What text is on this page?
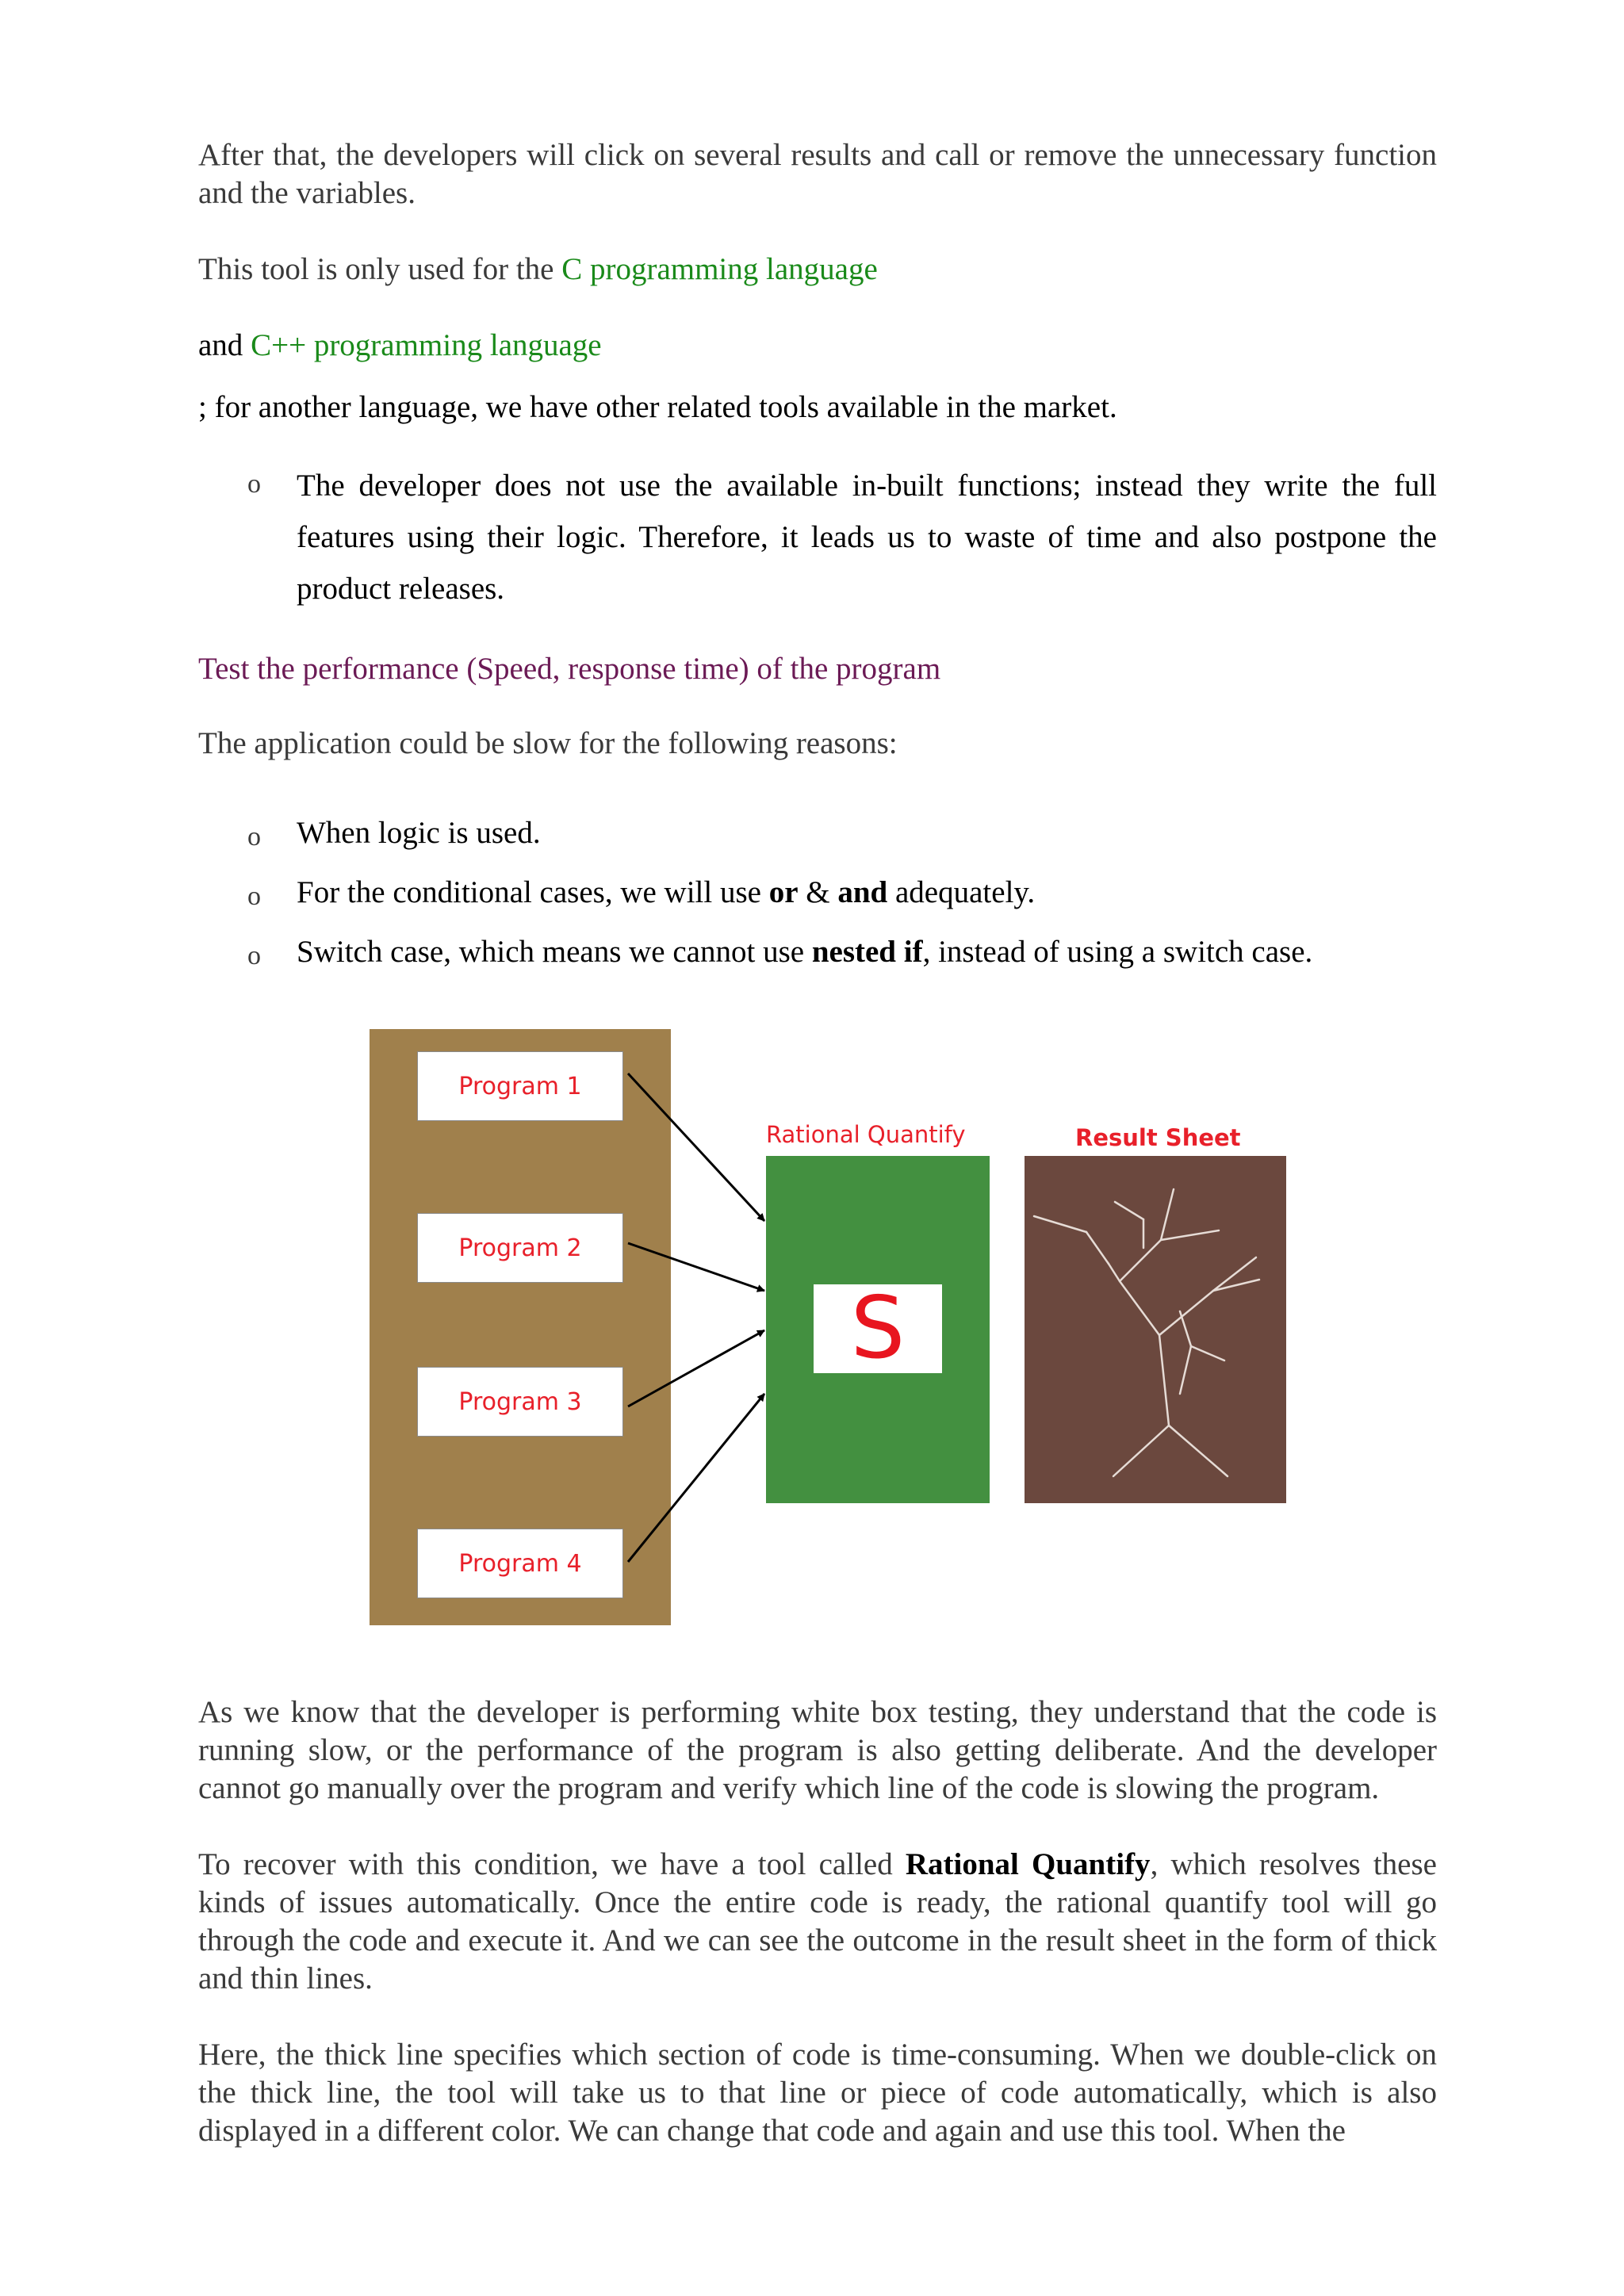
After that, the developers will click on several results and call or remove the unnecessary function and the variables.
This tool is only used for the C programming language
and C++ programming language
; for another language, we have other related tools available in the market.
o The developer does not use the available in-built functions; instead they write the full features using their logic. Therefore, it leads us to waste of time and also postpone the product releases.
Test the performance (Speed, response time) of the program
The application could be slow for the following reasons:
o When logic is used.
o For the conditional cases, we will use or & and adequately.
o Switch case, which means we cannot use nested if, instead of using a switch case.
Program 1
Program 2
Program 3
Program 4
Rational Quantify	Result Sheet
S
As we know that the developer is performing white box testing, they understand that the code is running slow, or the performance of the program is also getting deliberate. And the developer cannot go manually over the program and verify which line of the code is slowing the program.
To recover with this condition, we have a tool called Rational Quantify, which resolves these kinds of issues automatically. Once the entire code is ready, the rational quantify tool will go through the code and execute it. And we can see the outcome in the result sheet in the form of thick and thin lines.
Here, the thick line specifies which section of code is time-consuming. When we double-click on the thick line, the tool will take us to that line or piece of code automatically, which is also displayed in a different color. We can change that code and again and use this tool. When the
